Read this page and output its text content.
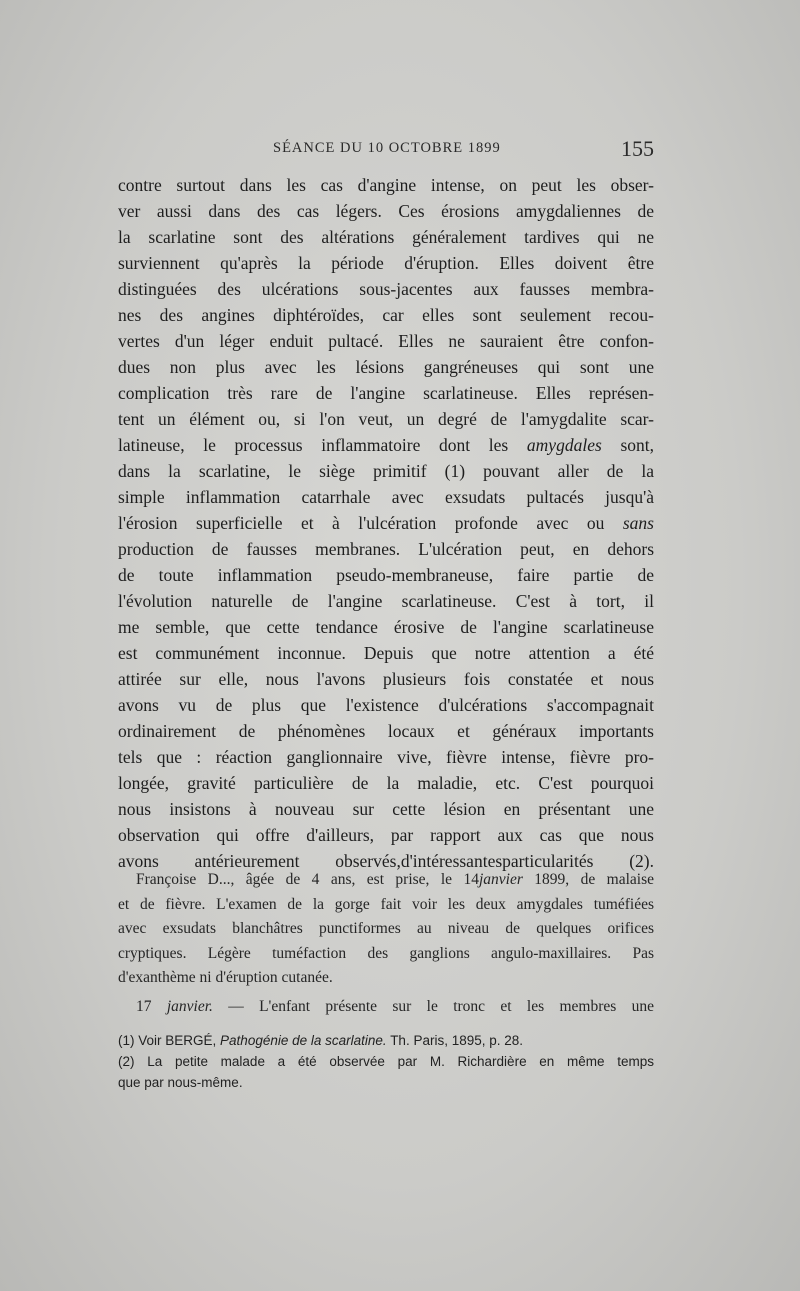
SÉANCE DU 10 OCTOBRE 1899	155
contre surtout dans les cas d'angine intense, on peut les obser-
ver aussi dans des cas légers. Ces érosions amygdaliennes de
la scarlatine sont des altérations généralement tardives qui ne
surviennent qu'après la période d'éruption. Elles doivent être
distinguées des ulcérations sous-jacentes aux fausses membra-
nes des angines diphtéroïdes, car elles sont seulement recou-
vertes d'un léger enduit pultacé. Elles ne sauraient être confon-
dues non plus avec les lésions gangréneuses qui sont une
complication très rare de l'angine scarlatineuse. Elles représen-
tent un élément ou, si l'on veut, un degré de l'amygdalite scar-
latineuse, le processus inflammatoire dont les amygdales sont,
dans la scarlatine, le siège primitif (1) pouvant aller de la
simple inflammation catarrhale avec exsudats pultacés jusqu'à
l'érosion superficielle et à l'ulcération profonde avec ou sans
production de fausses membranes. L'ulcération peut, en dehors
de toute inflammation pseudo-membraneuse, faire partie de
l'évolution naturelle de l'angine scarlatineuse. C'est à tort, il
me semble, que cette tendance érosive de l'angine scarlatineuse
est communément inconnue. Depuis que notre attention a été
attirée sur elle, nous l'avons plusieurs fois constatée et nous
avons vu de plus que l'existence d'ulcérations s'accompagnait
ordinairement de phénomènes locaux et généraux importants
tels que : réaction ganglionnaire vive, fièvre intense, fièvre pro-
longée, gravité particulière de la maladie, etc. C'est pourquoi
nous insistons à nouveau sur cette lésion en présentant une
observation qui offre d'ailleurs, par rapport aux cas que nous
avons antérieurement observés,d'intéressantesparticularités (2).
Françoise D..., âgée de 4 ans, est prise, le 14janvier 1899, de malaise
et de fièvre. L'examen de la gorge fait voir les deux amygdales tuméfiées
avec exsudats blanchâtres punctiformes au niveau de quelques orifices
cryptiques. Légère tuméfaction des ganglions angulo-maxillaires. Pas
d'exanthème ni d'éruption cutanée.
17 janvier. — L'enfant présente sur le tronc et les membres une
(1) Voir BERGÉ, Pathogénie de la scarlatine. Th. Paris, 1895, p. 28.
(2) La petite malade a été observée par M. Richardière en même temps
que par nous-même.
